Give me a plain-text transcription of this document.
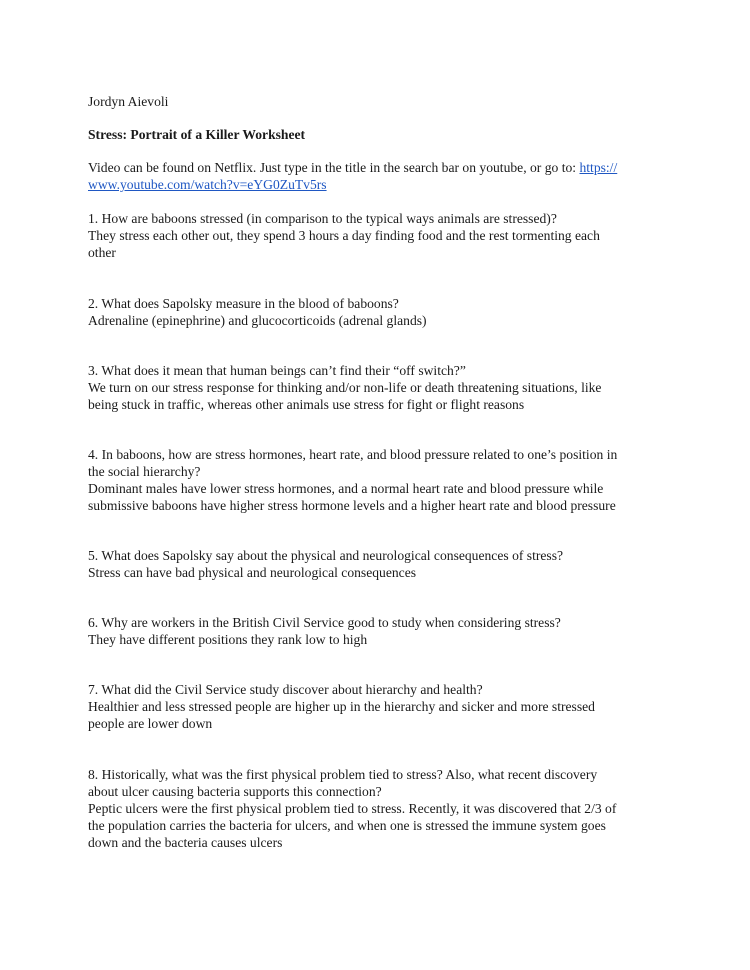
Jordyn Aievoli
Stress: Portrait of a Killer Worksheet
Video can be found on Netflix. Just type in the title in the search bar on youtube, or go to: https://
www.youtube.com/watch?v=eYG0ZuTv5rs
1. How are baboons stressed (in comparison to the typical ways animals are stressed)?
They stress each other out, they spend 3 hours a day finding food and the rest tormenting each
other
2. What does Sapolsky measure in the blood of baboons?
Adrenaline (epinephrine) and glucocorticoids (adrenal glands)
3. What does it mean that human beings can’t find their “off switch?”
We turn on our stress response for thinking and/or non-life or death threatening situations, like
being stuck in traffic, whereas other animals use stress for fight or flight reasons
4. In baboons, how are stress hormones, heart rate, and blood pressure related to one’s position in
the social hierarchy?
Dominant males have lower stress hormones, and a normal heart rate and blood pressure while
submissive baboons have higher stress hormone levels and a higher heart rate and blood pressure
5. What does Sapolsky say about the physical and neurological consequences of stress?
Stress can have bad physical and neurological consequences
6. Why are workers in the British Civil Service good to study when considering stress?
They have different positions they rank low to high
7. What did the Civil Service study discover about hierarchy and health?
Healthier and less stressed people are higher up in the hierarchy and sicker and more stressed
people are lower down
8. Historically, what was the first physical problem tied to stress? Also, what recent discovery
about ulcer causing bacteria supports this connection?
Peptic ulcers were the first physical problem tied to stress. Recently, it was discovered that 2/3 of
the population carries the bacteria for ulcers, and when one is stressed the immune system goes
down and the bacteria causes ulcers
